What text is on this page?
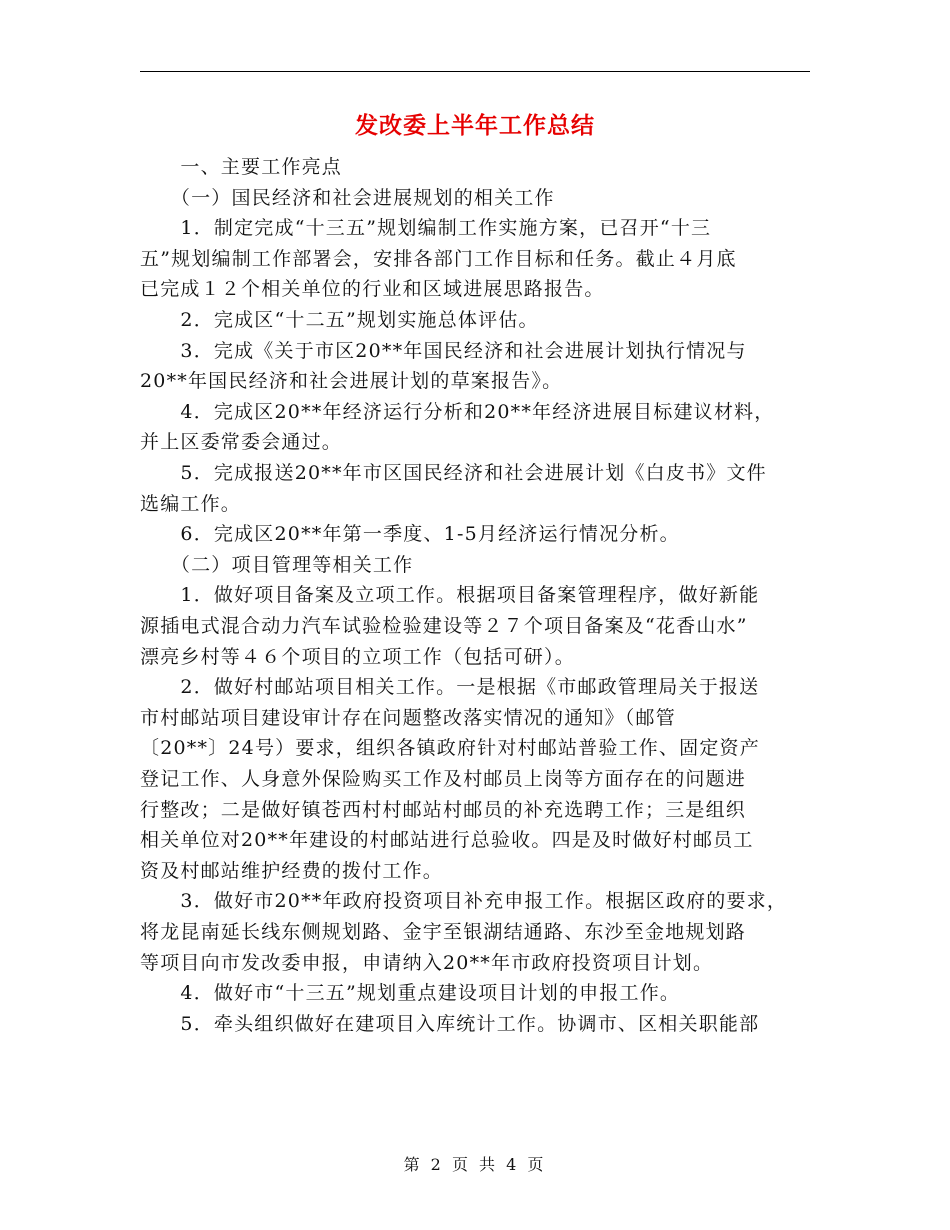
发改委上半年工作总结
　　一、主要工作亮点
　　（一）国民经济和社会进展规划的相关工作
　　1．制定完成“十三五”规划编制工作实施方案，已召开“十三
五”规划编制工作部署会，安排各部门工作目标和任务。截止４月底
已完成１２个相关单位的行业和区域进展思路报告。
　　2．完成区“十二五”规划实施总体评估。
　　3．完成《关于市区20**年国民经济和社会进展计划执行情况与
20**年国民经济和社会进展计划的草案报告》。
　　4．完成区20**年经济运行分析和20**年经济进展目标建议材料，
并上区委常委会通过。
　　5．完成报送20**年市区国民经济和社会进展计划《白皮书》文件
选编工作。
　　6．完成区20**年第一季度、1-5月经济运行情况分析。
　　（二）项目管理等相关工作
　　1．做好项目备案及立项工作。根据项目备案管理程序，做好新能
源插电式混合动力汽车试验检验建设等２７个项目备案及“花香山水”
漂亮乡村等４６个项目的立项工作（包括可研）。
　　2．做好村邮站项目相关工作。一是根据《市邮政管理局关于报送
市村邮站项目建设审计存在问题整改落实情况的通知》（邮管
〔20**〕24号）要求，组织各镇政府针对村邮站普验工作、固定资产
登记工作、人身意外保险购买工作及村邮员上岗等方面存在的问题进
行整改；二是做好镇苍西村村邮站村邮员的补充选聘工作；三是组织
相关单位对20**年建设的村邮站进行总验收。四是及时做好村邮员工
资及村邮站维护经费的拨付工作。
　　3．做好市20**年政府投资项目补充申报工作。根据区政府的要求，
将龙昆南延长线东侧规划路、金宇至银湖结通路、东沙至金地规划路
等项目向市发改委申报，申请纳入20**年市政府投资项目计划。
　　4．做好市“十三五”规划重点建设项目计划的申报工作。
　　5．牵头组织做好在建项目入库统计工作。协调市、区相关职能部
第 2 页 共 4 页
